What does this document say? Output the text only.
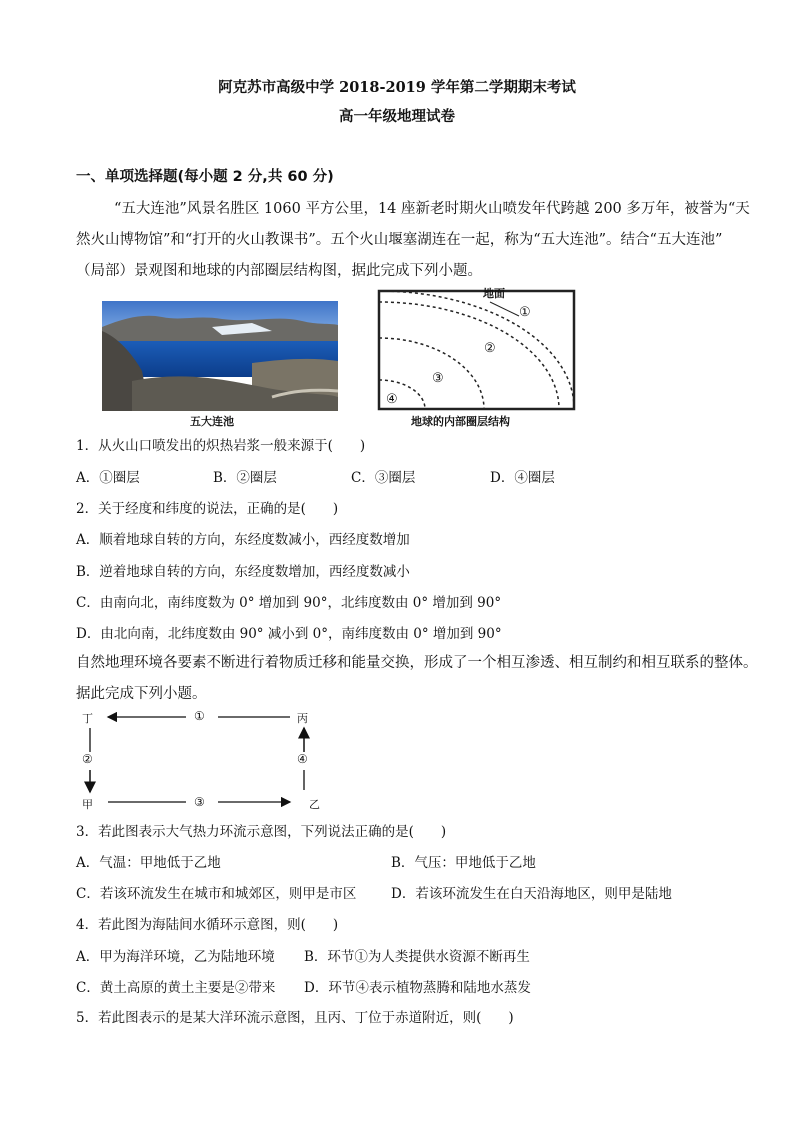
阿克苏市高级中学 2018-2019 学年第二学期期末考试
高一年级地理试卷
一、单项选择题(每小题 2 分,共 60 分)
“五大连池”风景名胜区 1060 平方公里，14 座新老时期火山喷发年代跨越 200 多万年，被誉为“天
然火山博物馆”和“打开的火山教课书”。五个火山堰塞湖连在一起，称为“五大连池”。结合“五大连池”
（局部）景观图和地球的内部圈层结构图，据此完成下列小题。
五大连池
地面
①
②
③
④
地球的内部圈层结构
1．从火山口喷发出的炽热岩浆一般来源于(　　)
A．①圈层	B．②圈层	C．③圈层	D．④圈层
2．关于经度和纬度的说法，正确的是(　　)
A．顺着地球自转的方向，东经度数减小，西经度数增加
B．逆着地球自转的方向，东经度数增加，西经度数减小
C．由南向北，南纬度数为 0° 增加到 90°，北纬度数由 0° 增加到 90°
D．由北向南，北纬度数由 90° 减小到 0°，南纬度数由 0° 增加到 90°
自然地理环境各要素不断进行着物质迁移和能量交换，形成了一个相互渗透、相互制约和相互联系的整体。
据此完成下列小题。
丁	丙
甲	乙
①
②
③
④
3．若此图表示大气热力环流示意图，下列说法正确的是(　　)
A．气温：甲地低于乙地	B．气压：甲地低于乙地
C．若该环流发生在城市和城郊区，则甲是市区	D．若该环流发生在白天沿海地区，则甲是陆地
4．若此图为海陆间水循环示意图，则(　　)
A．甲为海洋环境，乙为陆地环境 B．环节①为人类提供水资源不断再生
C．黄土高原的黄土主要是②带来 D．环节④表示植物蒸腾和陆地水蒸发
5．若此图表示的是某大洋环流示意图，且丙、丁位于赤道附近，则(　　)
